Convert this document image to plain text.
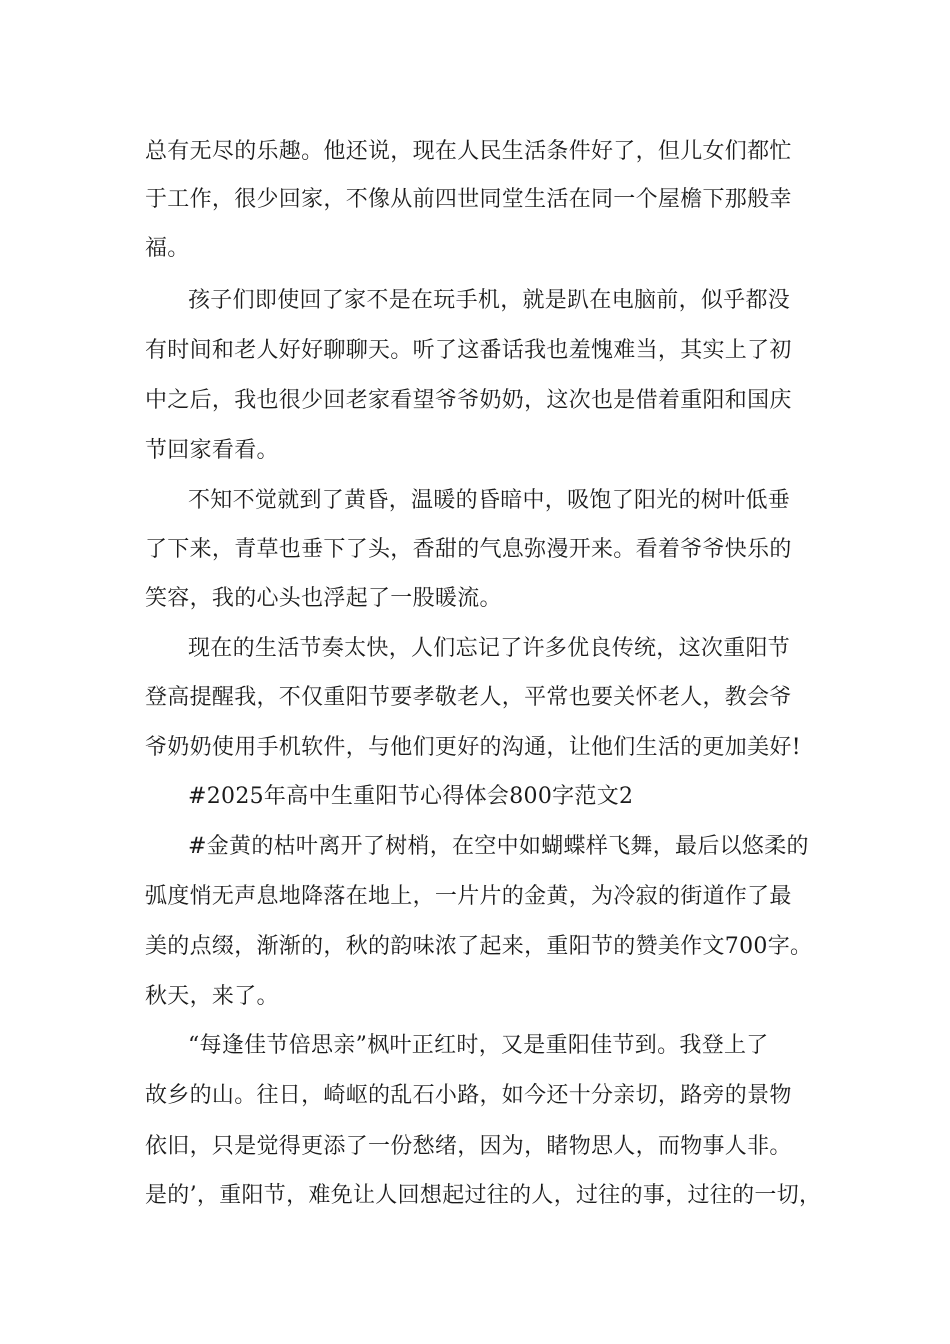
总有无尽的乐趣。他还说，现在人民生活条件好了，但儿女们都忙
于工作，很少回家，不像从前四世同堂生活在同一个屋檐下那般幸
福。
孩子们即使回了家不是在玩手机，就是趴在电脑前，似乎都没
有时间和老人好好聊聊天。听了这番话我也羞愧难当，其实上了初
中之后，我也很少回老家看望爷爷奶奶，这次也是借着重阳和国庆
节回家看看。
不知不觉就到了黄昏，温暖的昏暗中，吸饱了阳光的树叶低垂
了下来，青草也垂下了头，香甜的气息弥漫开来。看着爷爷快乐的
笑容，我的心头也浮起了一股暖流。
现在的生活节奏太快，人们忘记了许多优良传统，这次重阳节
登高提醒我，不仅重阳节要孝敬老人，平常也要关怀老人，教会爷
爷奶奶使用手机软件，与他们更好的沟通，让他们生活的更加美好!
#2025年高中生重阳节心得体会800字范文2
#金黄的枯叶离开了树梢，在空中如蝴蝶样飞舞，最后以悠柔的
弧度悄无声息地降落在地上，一片片的金黄，为冷寂的街道作了最
美的点缀，渐渐的，秋的韵味浓了起来，重阳节的赞美作文700字。
秋天，来了。
“每逢佳节倍思亲”枫叶正红时，又是重阳佳节到。我登上了
故乡的山。往日，崎岖的乱石小路，如今还十分亲切，路旁的景物
依旧，只是觉得更添了一份愁绪，因为，睹物思人，而物事人非。
是的’，重阳节，难免让人回想起过往的人，过往的事，过往的一切，
